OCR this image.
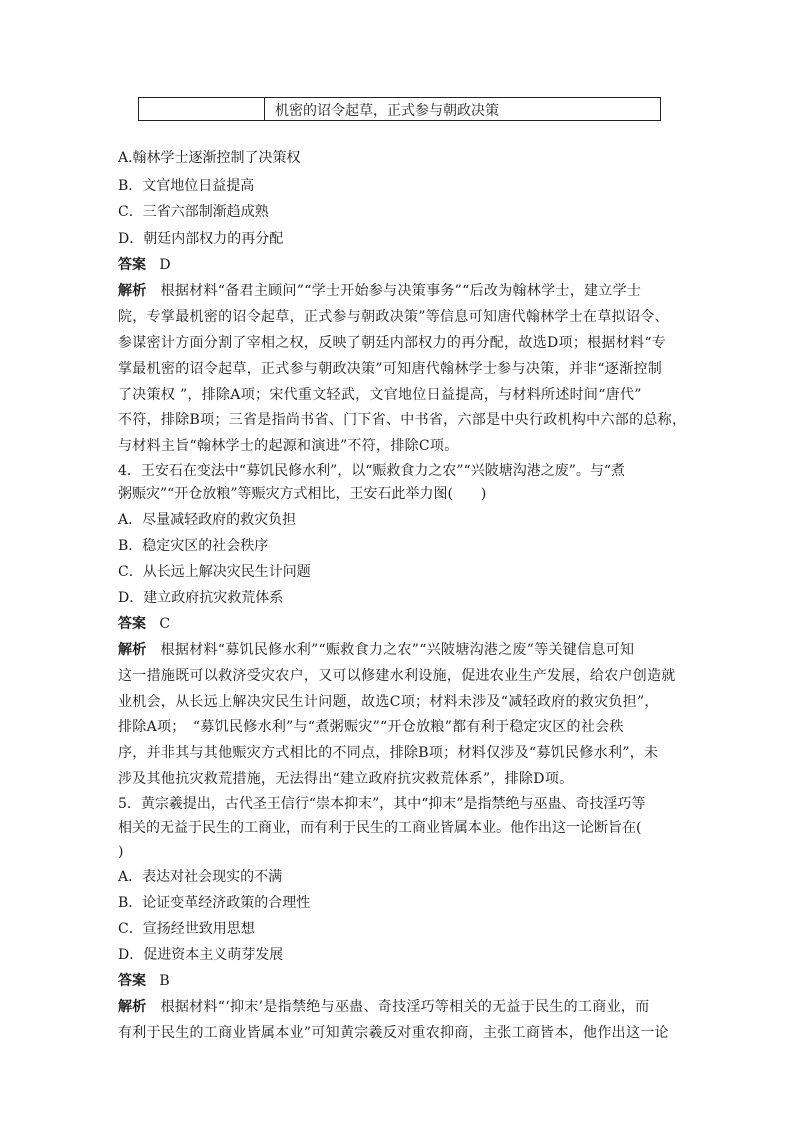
机密的诏令起草，正式参与朝政决策
A.翰林学士逐渐控制了决策权
B．文官地位日益提高
C．三省六部制渐趋成熟
D．朝廷内部权力的再分配
答案 D
解析 根据材料“备君主顾问”“学士开始参与决策事务”“后改为翰林学士，建立学士
院，专掌最机密的诏令起草，正式参与朝政决策”等信息可知唐代翰林学士在草拟诏令、
参谋密计方面分割了宰相之权，反映了朝廷内部权力的再分配，故选D项；根据材料“专
掌最机密的诏令起草，正式参与朝政决策”可知唐代翰林学士参与决策，并非“逐渐控制
了决策权 ”，排除A项；宋代重文轻武，文官地位日益提高，与材料所述时间“唐代”
不符，排除B项；三省是指尚书省、门下省、中书省，六部是中央行政机构中六部的总称，
与材料主旨“翰林学士的起源和演进”不符，排除C项。
4．王安石在变法中“募饥民修水利”，以“赈救食力之农”“兴陂塘沟港之废”。与“煮
粥赈灾”“开仓放粮”等赈灾方式相比，王安石此举力图(　　)
A．尽量减轻政府的救灾负担
B．稳定灾区的社会秩序
C．从长远上解决灾民生计问题
D．建立政府抗灾救荒体系
答案 C
解析 根据材料“募饥民修水利”“赈救食力之农”“兴陂塘沟港之废”等关键信息可知
这一措施既可以救济受灾农户，又可以修建水利设施，促进农业生产发展，给农户创造就
业机会，从长远上解决灾民生计问题，故选C项；材料未涉及“减轻政府的救灾负担”，
排除A项；　“募饥民修水利”与“煮粥赈灾”“开仓放粮”都有利于稳定灾区的社会秩
序，并非其与其他赈灾方式相比的不同点，排除B项；材料仅涉及“募饥民修水利”，未
涉及其他抗灾救荒措施，无法得出“建立政府抗灾救荒体系”，排除D项。
5．黄宗羲提出，古代圣王信行“崇本抑末”，其中“抑末”是指禁绝与巫蛊、奇技淫巧等
相关的无益于民生的工商业，而有利于民生的工商业皆属本业。他作出这一论断旨在(
)
A．表达对社会现实的不满
B．论证变革经济政策的合理性
C．宣扬经世致用思想
D．促进资本主义萌芽发展
答案 B
解析 根据材料“‘抑末’是指禁绝与巫蛊、奇技淫巧等相关的无益于民生的工商业，而
有利于民生的工商业皆属本业”可知黄宗羲反对重农抑商，主张工商皆本，他作出这一论
